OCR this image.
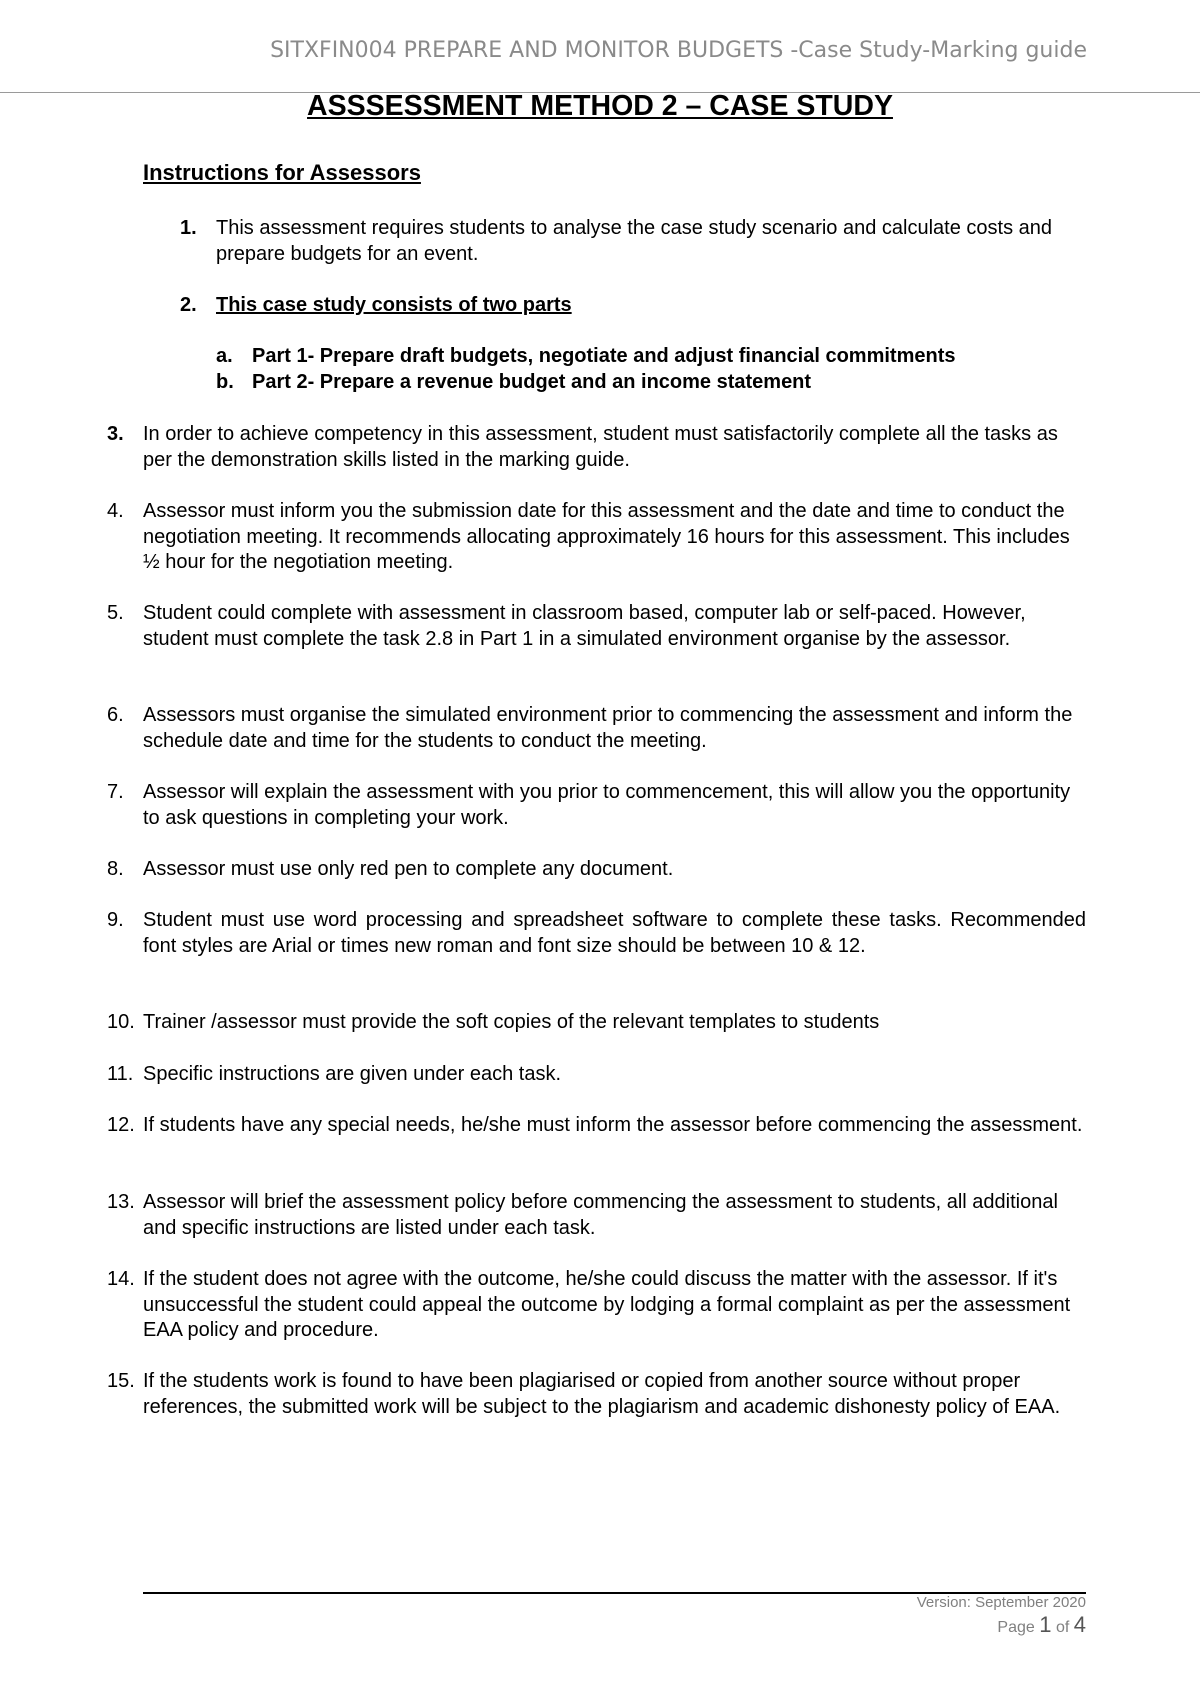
SITXFIN004 PREPARE AND MONITOR BUDGETS -Case Study-Marking guide
ASSSESSMENT METHOD 2 – CASE STUDY
Instructions for Assessors
1. This assessment requires students to analyse the case study scenario and calculate costs and prepare budgets for an event.
2. This case study consists of two parts
a. Part 1- Prepare draft budgets, negotiate and adjust financial commitments
b. Part 2- Prepare a revenue budget and an income statement
3. In order to achieve competency in this assessment, student must satisfactorily complete all the tasks as per the demonstration skills listed in the marking guide.
4. Assessor must inform you the submission date for this assessment and the date and time to conduct the negotiation meeting. It recommends allocating approximately 16 hours for this assessment. This includes ½ hour for the negotiation meeting.
5. Student could complete with assessment in classroom based, computer lab or self-paced. However, student must complete the task 2.8 in Part 1 in a simulated environment organise by the assessor.
6. Assessors must organise the simulated environment prior to commencing the assessment and inform the schedule date and time for the students to conduct the meeting.
7. Assessor will explain the assessment with you prior to commencement, this will allow you the opportunity to ask questions in completing your work.
8. Assessor must use only red pen to complete any document.
9. Student must use word processing and spreadsheet software to complete these tasks. Recommended font styles are Arial or times new roman and font size should be between 10 & 12.
10. Trainer /assessor must provide the soft copies of the relevant templates to students
11. Specific instructions are given under each task.
12. If students have any special needs, he/she must inform the assessor before commencing the assessment.
13. Assessor will brief the assessment policy before commencing the assessment to students, all additional and specific instructions are listed under each task.
14. If the student does not agree with the outcome, he/she could discuss the matter with the assessor. If it's unsuccessful the student could appeal the outcome by lodging a formal complaint as per the assessment EAA policy and procedure.
15. If the students work is found to have been plagiarised or copied from another source without proper references, the submitted work will be subject to the plagiarism and academic dishonesty policy of EAA.
Version: September 2020
Page 1 of 4
